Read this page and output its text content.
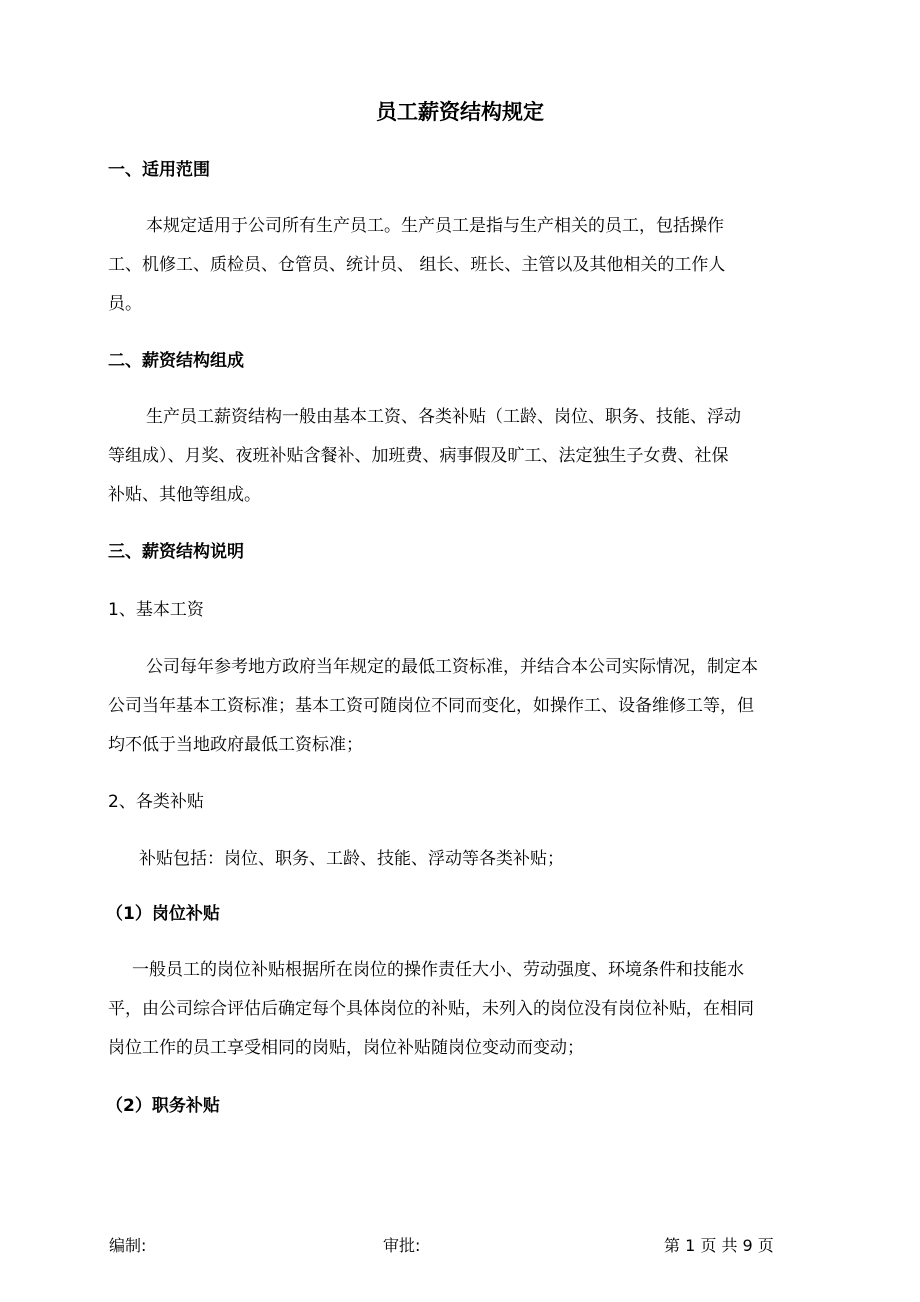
员工薪资结构规定
一、适用范围

本规定适用于公司所有生产员工。生产员工是指与生产相关的员工，包括操作

工、机修工、质检员、仓管员、统计员、 组长、班长、主管以及其他相关的工作人
员。

二、薪资结构组成

生产员工薪资结构一般由基本工资、各类补贴（工龄、岗位、职务、技能、浮动

等组成）、月奖、夜班补贴含餐补、加班费、病事假及旷工、法定独生子女费、社保
补贴、其他等组成。

三、薪资结构说明
1、基本工资

公司每年参考地方政府当年规定的最低工资标准，并结合本公司实际情况，制定本

公司当年基本工资标准；基本工资可随岗位不同而变化，如操作工、设备维修工等，但
均不低于当地政府最低工资标准；

2、各类补贴

补贴包括：岗位、职务、工龄、技能、浮动等各类补贴；

（1）岗位补贴

一般员工的岗位补贴根据所在岗位的操作责任大小、劳动强度、环境条件和技能水

平，由公司综合评估后确定每个具体岗位的补贴，未列入的岗位没有岗位补贴，在相同
岗位工作的员工享受相同的岗贴，岗位补贴随岗位变动而变动；

（2）职务补贴
编制:	审批:	第 1 页 共 9 页
